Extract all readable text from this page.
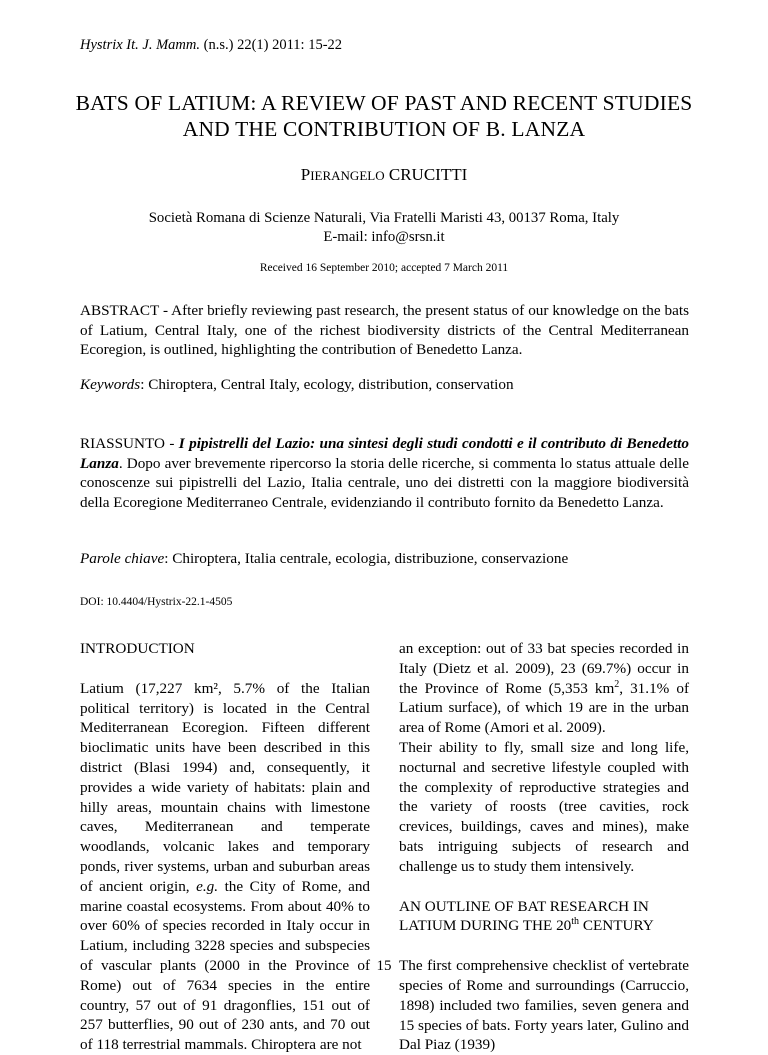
Hystrix It. J. Mamm. (n.s.) 22(1) 2011: 15-22
BATS OF LATIUM: A REVIEW OF PAST AND RECENT STUDIES AND THE CONTRIBUTION OF B. LANZA
PIERANGELO CRUCITTI
Società Romana di Scienze Naturali, Via Fratelli Maristi 43, 00137 Roma, Italy
E-mail: info@srsn.it
Received 16 September 2010; accepted 7 March 2011
ABSTRACT - After briefly reviewing past research, the present status of our knowledge on the bats of Latium, Central Italy, one of the richest biodiversity districts of the Central Mediterranean Ecoregion, is outlined, highlighting the contribution of Benedetto Lanza.
Keywords: Chiroptera, Central Italy, ecology, distribution, conservation
RIASSUNTO - I pipistrelli del Lazio: una sintesi degli studi condotti e il contributo di Benedetto Lanza. Dopo aver brevemente ripercorso la storia delle ricerche, si commenta lo status attuale delle conoscenze sui pipistrelli del Lazio, Italia centrale, uno dei distretti con la maggiore biodiversità della Ecoregione Mediterraneo Centrale, evidenziando il contributo fornito da Benedetto Lanza.
Parole chiave: Chiroptera, Italia centrale, ecologia, distribuzione, conservazione
DOI: 10.4404/Hystrix-22.1-4505

INTRODUCTION

Latium (17,227 km², 5.7% of the Italian political territory) is located in the Central Mediterranean Ecoregion. Fifteen different bioclimatic units have been described in this district (Blasi 1994) and, consequently, it provides a wide variety of habitats: plain and hilly areas, mountain chains with limestone caves, Mediterranean and temperate woodlands, volcanic lakes and temporary ponds, river systems, urban and suburban areas of ancient origin, e.g. the City of Rome, and marine coastal ecosystems. From about 40% to over 60% of species recorded in Italy occur in Latium, including 3228 species and subspecies of vascular plants (2000 in the Province of Rome) out of 7634 species in the entire country, 57 out of 91 dragonflies, 151 out of 257 butterflies, 90 out of 230 ants, and 70 out of 118 terrestrial mammals. Chiroptera are not

an exception: out of 33 bat species recorded in Italy (Dietz et al. 2009), 23 (69.7%) occur in the Province of Rome (5,353 $km^2$, 31.1% of Latium surface), of which 19 are in the urban area of Rome (Amori et al. 2009).

Their ability to fly, small size and long life, nocturnal and secretive lifestyle coupled with the complexity of reproductive strategies and the variety of roosts (tree cavities, rock crevices, buildings, caves and mines), make bats intriguing subjects of research and challenge us to study them intensively.

AN OUTLINE OF BAT RESEARCH IN LATIUM DURING THE 20th CENTURY

The first comprehensive checklist of vertebrate species of Rome and surroundings (Carruccio, 1898) included two families, seven genera and 15 species of bats. Forty years later, Gulino and Dal Piaz (1939)

15
